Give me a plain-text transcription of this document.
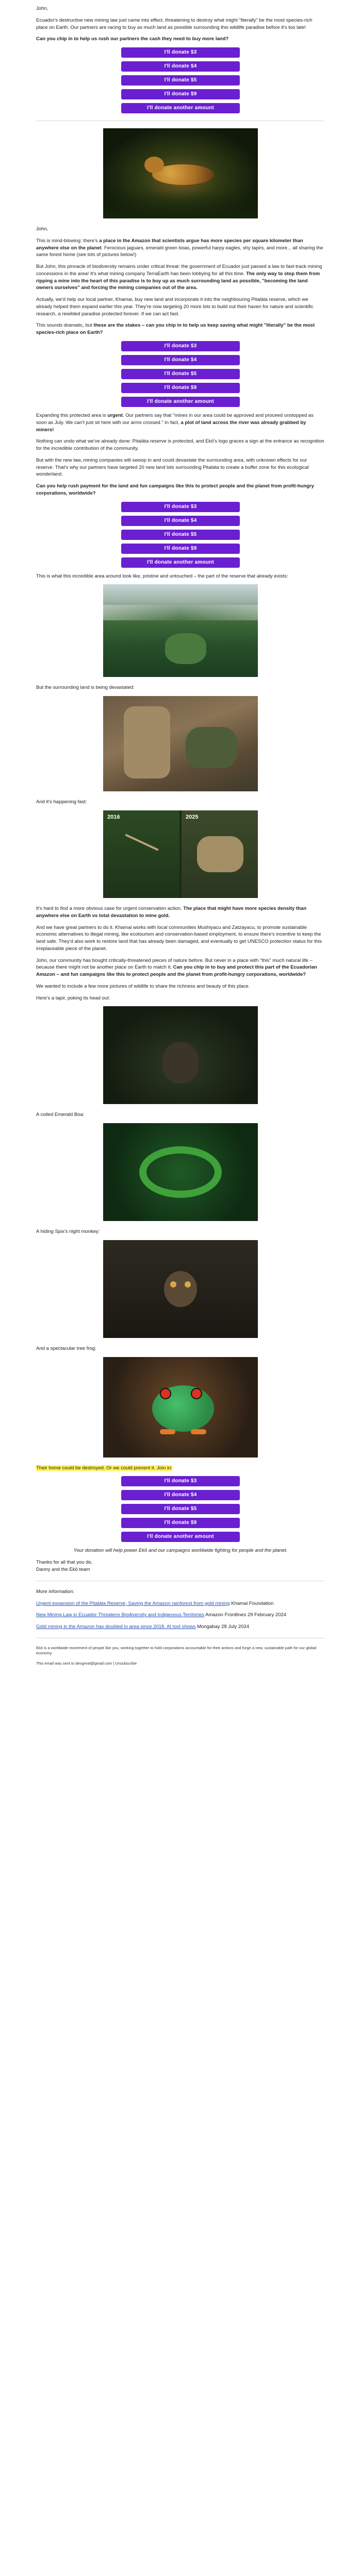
John,

Ecuador's destructive new mining law just came into effect, threatening to destroy what might "literally" be the most species-rich place on Earth. Our partners are racing to buy as much land as possible surrounding this wildlife paradise before it's too late!

Can you chip in to help us rush our partners the cash they need to buy more land?

I'll donate $3
I'll donate $4
I'll donate $5
I'll donate $9
I'll donate another amount

John,

This is mind-blowing: there's a place in the Amazon that scientists argue has more species per square kilometer than anywhere else on the planet. Ferocious jaguars, emerald green boas, powerful harpy eagles, shy tapirs, and more... all sharing the same forest home (see lots of pictures below!)

But John, this pinnacle of biodiversity remains under critical threat: the government of Ecuador just passed a law to fast-track mining concessions in the area! It's what mining company TerraEarth has been lobbying for all this time. The only way to stop them from ripping a mine into the heart of this paradise is to buy up as much surrounding land as possible, "becoming the land owners ourselves" and forcing the mining companies out of the area.

Actually, we'd help our local partner, Khamai, buy new land and incorporate it into the neighbouring Pitaláta reserve, which we already helped them expand earlier this year. They're now targeting 20 more lots to build out their haven for nature and scientific research, a rewilded paradise protected forever. If we can act fast.

This sounds dramatic, but these are the stakes – can you chip in to help us keep saving what might "literally" be the most species-rich place on Earth?

I'll donate $3
I'll donate $4
I'll donate $5
I'll donate $9
I'll donate another amount

Expanding this protected area is urgent. Our partners say that "mines in our area could be approved and proceed unstopped as soon as July. We can't just sit here with our arms crossed." In fact, a plot of land across the river was already grabbed by miners!

Nothing can undo what we've already done: Pitaláta reserve is protected, and Ekō's logo graces a sign at the entrance as recognition for the incredible contribution of the community.

But with the new law, mining companies will swoop in and could devastate the surrounding area, with unknown effects for our reserve. That's why our partners have targeted 20 new land lots surrounding Pitaláta to create a buffer zone for this ecological wonderland.

Can you help rush payment for the land and fun campaigns like this to protect people and the planet from profit-hungry corporations, worldwide?

I'll donate $3
I'll donate $4
I'll donate $5
I'll donate $9
I'll donate another amount

This is what this incredible area around look like, pristine and untouched – the part of the reserve that already exists:

But the surrounding land is being devastated:

And it's happening fast:

2016	2025

It's hard to find a more obvious case for urgent conservation action. The place that might have more species density than anywhere else on Earth vs total devastation to mine gold.

And we have great partners to do it. Khamai works with local communities Mushiyacu and Zatzayacu, to promote sustainable economic alternatives to illegal mining, like ecotourism and conservation-based employment, to ensure there's incentive to keep the land safe. They'd also work to restore land that has already been damaged, and eventually to get UNESCO protection status for this irreplaceable piece of the planet.

John, our community has bought critically-threatened pieces of nature before. But never in a place with "this" much natural life – because there might not be another place on Earth to match it. Can you chip in to buy and protect this part of the Ecuadorian Amazon – and fun campaigns like this to protect people and the planet from profit-hungry corporations, worldwide?

We wanted to include a few more pictures of wildlife to share the richness and beauty of this place.

Here's a tapir, poking its head out:

A coiled Emerald Boa:

A hiding Spix's night monkey:

And a spectacular tree frog:

Their home could be destroyed. Or we could prevent it. Join in:

I'll donate $3
I'll donate $4
I'll donate $5
I'll donate $9
I'll donate another amount

Your donation will help power Ekō and our campaigns worldwide fighting for people and the planet.

Thanks for all that you do,
Danny and the Ekō team

More information:

Urgent expansion of the Pitaláta Reserve, Saving the Amazon rainforest from gold mining Khamai Foundation
New Mining Law in Ecuador Threatens Biodiversity and Indigenous Territories Amazon Frontlines 29 February 2024
Gold mining in the Amazon has doubled in area since 2018. AI tool shows Mongabay 28 July 2024

Ekō is a worldwide movement of people like you, working together to hold corporations accountable for their actions and forge a new, sustainable path for our global economy.

This email was sent to devgreat@gmail.com | Unsubscribe
